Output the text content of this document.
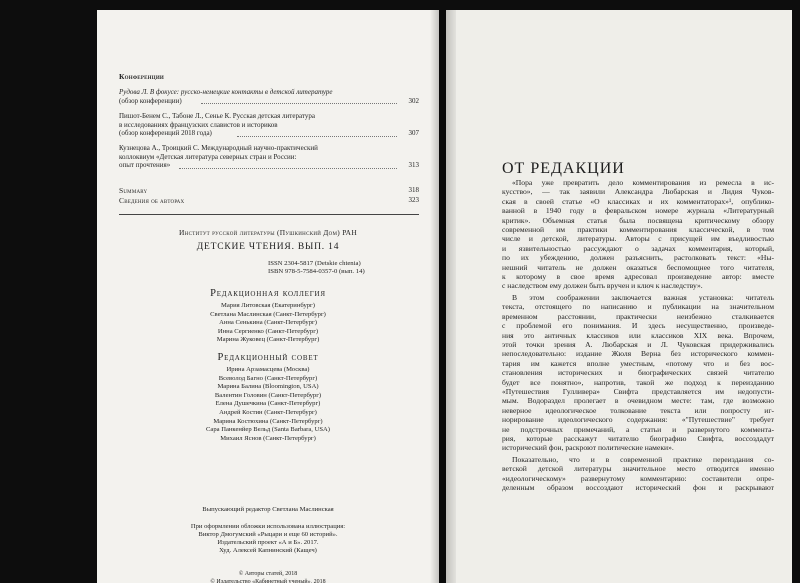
Конференции
Рудова Л. В фокусе: русско-немецкие контакты в детской литературе
(обзор конференции)	302
Пишот-Бенем С., Табоне Л., Сенье К. Русская детская литература
в исследованиях французских славистов и историков
(обзор конференций 2018 года)	307
Кузнецова А., Троицкий С. Международный научно-практический
коллоквиум «Детская литература северных стран и России:
опыт прочтения»	313
Summary	318
Сведения об авторах	323
Институт русской литературы (Пушкинский Дом) РАН
ДЕТСКИЕ ЧТЕНИЯ. ВЫП. 14
ISSN 2304-5817 (Detskie chtenia)
ISBN 978-5-7584-0357-0 (вып. 14)
Редакционная коллегия
Мария Литовская (Екатеринбург)
Светлана Маслинская (Санкт-Петербург)
Анна Сенькина (Санкт-Петербург)
Инна Сергиенко (Санкт-Петербург)
Марина Жуковец (Санкт-Петербург)
Редакционный совет
Ирина Арзамасцева (Москва)
Всеволод Багно (Санкт-Петербург)
Марина Балина (Bloomington, USA)
Валентин Головин (Санкт-Петербург)
Елена Душечкина (Санкт-Петербург)
Андрей Костин (Санкт-Петербург)
Марина Костюхина (Санкт-Петербург)
Сара Панкенйер Вельд (Santa Barbara, USA)
Михаил Яснов (Санкт-Петербург)
Выпускающий редактор Светлана Маслинская
При оформлении обложки использована иллюстрация:
Виктор Дмогумский «Рыцари и еще 60 историй».
Издательский проект «А и Б». 2017.
Худ. Алексей Капнинский (Кащеч)
© Авторы статей, 2018
© Издательство «Кабинетный ученый», 2018
ОТ РЕДАКЦИИ
«Пора уже превратить дело комментирования из ремесла в ис-
кусство», — так заявили Александра Любарская и Лидия Чуков-
ская в своей статье «О классиках и их комментаторах»¹, опублико-
ванной в 1940 году в февральском номере журнала «Литературный
критик». Объемная статья была посвящена критическому обзору
современной им практики комментирования классической, в том
числе и детской, литературы. Авторы с присущей им въедливостью
и язвительностью рассуждают о задачах комментария, который,
по их убеждению, должен разъяснить, растолковать текст: «Ны-
нешний читатель не должен оказаться беспомощнее того читателя,
к которому в свое время адресовал произведение автор: вместе
с наследством ему должен быть вручен и ключ к наследству».
В этом соображении заключается важная установка: читатель
текста, отстоящего по написанию и публикации на значительном
временном расстоянии, практически неизбежно сталкивается
с проблемой его понимания. И здесь несущественно, произведе-
ния это античных классиков или классиков XIX века. Впрочем,
этой точки зрения А. Любарская и Л. Чуковская придерживались
непоследовательно: издание Жюля Верна без исторического коммен-
тария им кажется вполне уместным, «потому что и без вос-
становления исторических и биографических связей читателю
будет все понятно», напротив, такой же подход к переизданию
«Путешествия Гулливера» Свифта представляется им недопусти-
мым. Водораздел пролегает в очевидном месте: там, где возможно
неверное идеологическое толкование текста или попросту иг-
норирование идеологического содержания: «"Путешествие" требует
не подстрочных примечаний, а статьи и развернутого коммента-
рия, которые расскажут читателю биографию Свифта, воссоздадут
исторический фон, раскроют политические намеки».
Показательно, что и в современной практике переиздания со-
ветской детской литературы значительное место отводится именно
«идеологическому» развернутому комментарию: составители опре-
деленным образом воссоздают исторический фон и раскрывают
